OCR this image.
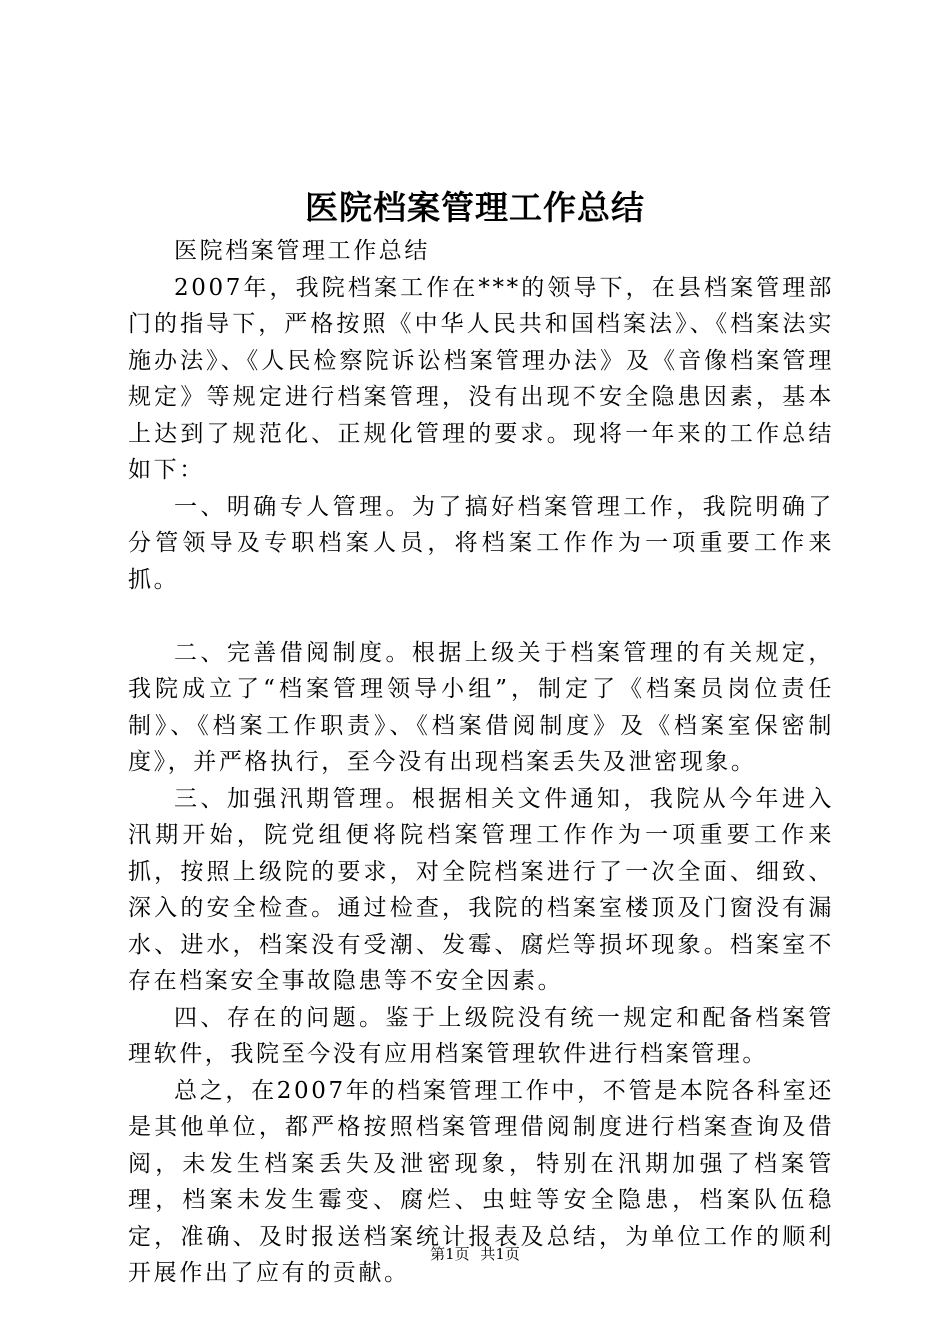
医院档案管理工作总结

医院档案管理工作总结

2007年，我院档案工作在***的领导下，在县档案管理部门的指导下，严格按照《中华人民共和国档案法》、《档案法实施办法》、《人民检察院诉讼档案管理办法》及《音像档案管理规定》等规定进行档案管理，没有出现不安全隐患因素，基本上达到了规范化、正规化管理的要求。现将一年来的工作总结如下：

一、明确专人管理。为了搞好档案管理工作，我院明确了分管领导及专职档案人员，将档案工作作为一项重要工作来抓。

二、完善借阅制度。根据上级关于档案管理的有关规定，我院成立了“档案管理领导小组”，制定了《档案员岗位责任制》、《档案工作职责》、《档案借阅制度》及《档案室保密制度》，并严格执行，至今没有出现档案丢失及泄密现象。

三、加强汛期管理。根据相关文件通知，我院从今年进入汛期开始，院党组便将院档案管理工作作为一项重要工作来抓，按照上级院的要求，对全院档案进行了一次全面、细致、深入的安全检查。通过检查，我院的档案室楼顶及门窗没有漏水、进水，档案没有受潮、发霉、腐烂等损坏现象。档案室不存在档案安全事故隐患等不安全因素。

四、存在的问题。鉴于上级院没有统一规定和配备档案管理软件，我院至今没有应用档案管理软件进行档案管理。

总之，在2007年的档案管理工作中，不管是本院各科室还是其他单位，都严格按照档案管理借阅制度进行档案查询及借阅，未发生档案丢失及泄密现象，特别在汛期加强了档案管理，档案未发生霉变、腐烂、虫蛀等安全隐患，档案队伍稳定，准确、及时报送档案统计报表及总结，为单位工作的顺利开展作出了应有的贡献。

第1页 共1页
